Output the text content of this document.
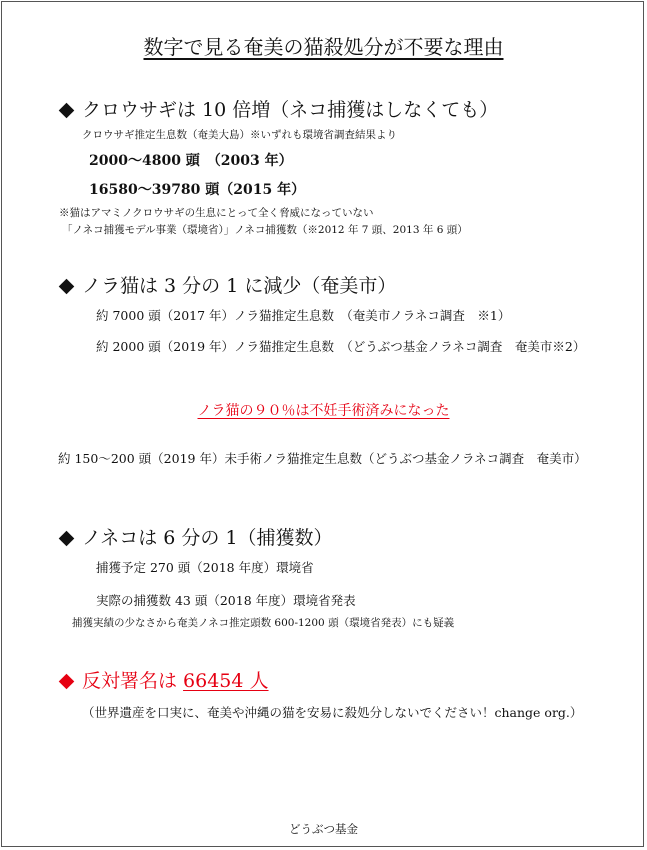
数字で見る奄美の猫殺処分が不要な理由
クロウサギは 10 倍増（ネコ捕獲はしなくても）
クロウサギ推定生息数（奄美大島）※いずれも環境省調査結果より
2000～4800 頭　（2003 年）
16580～39780 頭（2015 年）
※猫はアマミノクロウサギの生息にとって全く脅威になっていない
「ノネコ捕獲モデル事業（環境省）」ノネコ捕獲数（※2012 年 7 頭、2013 年 6 頭）
ノラ猫は 3 分の 1 に減少（奄美市）
約 7000 頭（2017 年）ノラ猫推定生息数　（奄美市ノラネコ調査　※1）
約 2000 頭（2019 年）ノラ猫推定生息数　（どうぶつ基金ノラネコ調査　奄美市※2）
ノラ猫の９０％は不妊手術済みになった
約 150～200 頭（2019 年）未手術ノラ猫推定生息数（どうぶつ基金ノラネコ調査　奄美市）
ノネコは 6 分の 1（捕獲数）
捕獲予定 270 頭（2018 年度）環境省
実際の捕獲数 43 頭（2018 年度）環境省発表
捕獲実績の少なさから奄美ノネコ推定頭数 600-1200 頭（環境省発表）にも疑義
反対署名は 66454 人
（世界遺産を口実に、奄美や沖縄の猫を安易に殺処分しないでください！change org.）
どうぶつ基金
